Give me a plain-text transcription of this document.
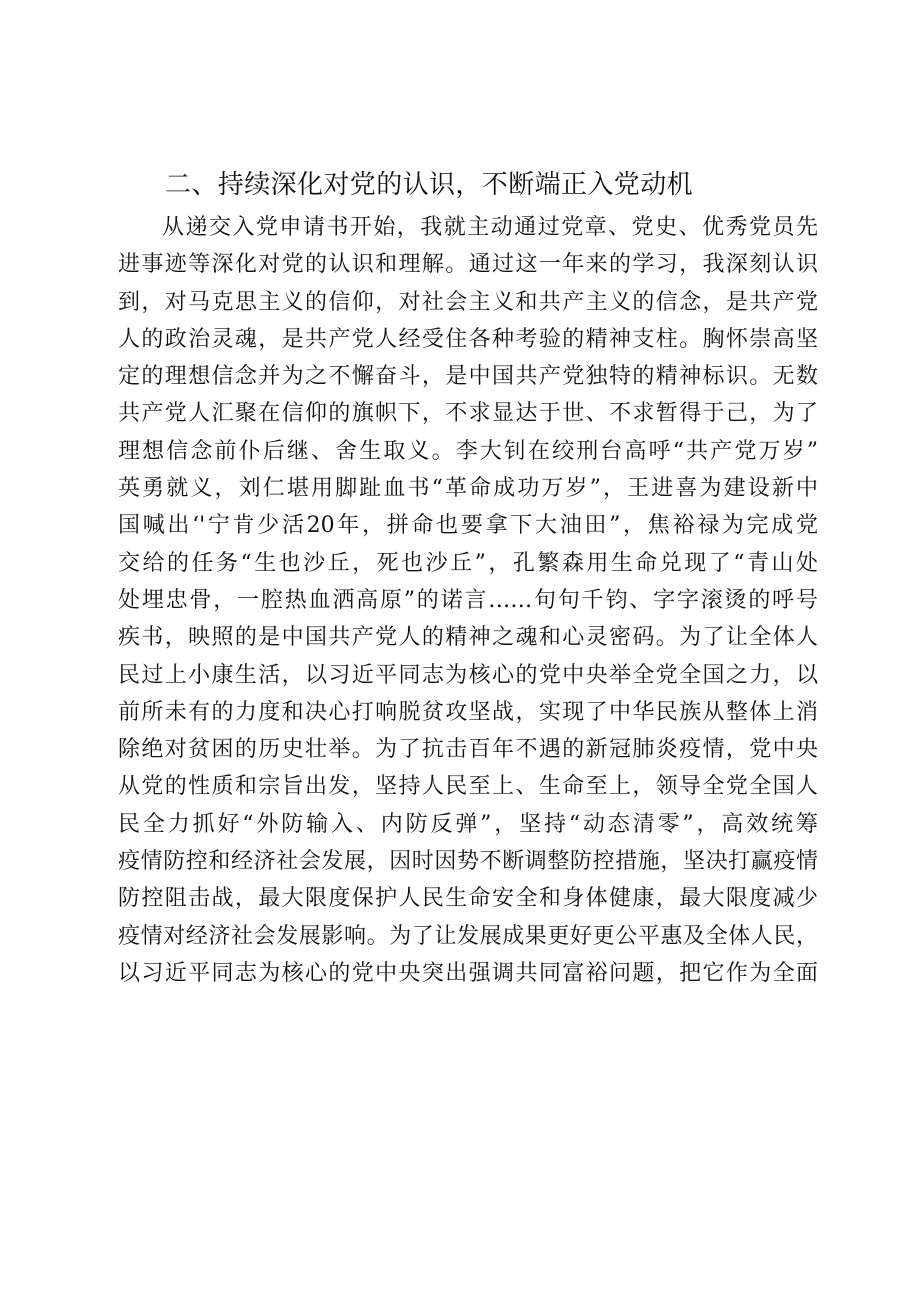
二、持续深化对党的认识，不断端正入党动机
从递交入党申请书开始，我就主动通过党章、党史、优秀党员先
进事迹等深化对党的认识和理解。通过这一年来的学习，我深刻认识
到，对马克思主义的信仰，对社会主义和共产主义的信念，是共产党
人的政治灵魂，是共产党人经受住各种考验的精神支柱。胸怀崇高坚
定的理想信念并为之不懈奋斗，是中国共产党独特的精神标识。无数
共产党人汇聚在信仰的旗帜下，不求显达于世、不求暂得于己，为了
理想信念前仆后继、舍生取义。李大钊在绞刑台高呼“共产党万岁”
英勇就义，刘仁堪用脚趾血书“革命成功万岁”，王进喜为建设新中
国喊出‘'宁肯少活20年，拼命也要拿下大油田”，焦裕禄为完成党
交给的任务“生也沙丘，死也沙丘”，孔繁森用生命兑现了“青山处
处埋忠骨，一腔热血洒高原”的诺言……句句千钧、字字滚烫的呼号
疾书，映照的是中国共产党人的精神之魂和心灵密码。为了让全体人
民过上小康生活，以习近平同志为核心的党中央举全党全国之力，以
前所未有的力度和决心打响脱贫攻坚战，实现了中华民族从整体上消
除绝对贫困的历史壮举。为了抗击百年不遇的新冠肺炎疫情，党中央
从党的性质和宗旨出发，坚持人民至上、生命至上，领导全党全国人
民全力抓好“外防输入、内防反弹”，坚持“动态清零”，高效统筹
疫情防控和经济社会发展，因时因势不断调整防控措施，坚决打赢疫情
防控阻击战，最大限度保护人民生命安全和身体健康，最大限度减少
疫情对经济社会发展影响。为了让发展成果更好更公平惠及全体人民，
以习近平同志为核心的党中央突出强调共同富裕问题，把它作为全面
